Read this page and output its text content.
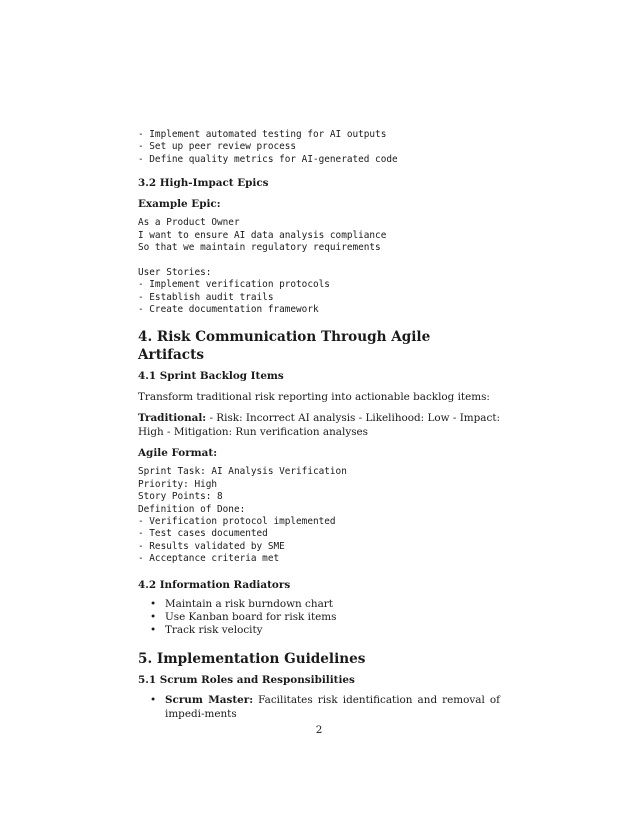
- Implement automated testing for AI outputs

- Set up peer review process

- Define quality metrics for AI-generated code

3.2 High-Impact Epics

Example Epic:

As a Product Owner

I want to ensure AI data analysis compliance

So that we maintain regulatory requirements

User Stories:

- Implement verification protocols

- Establish audit trails

- Create documentation framework

4. Risk Communication Through Agile Artifacts

4.1 Sprint Backlog Items

Transform traditional risk reporting into actionable backlog items:

Traditional: - Risk: Incorrect AI analysis - Likelihood: Low - Impact: High - Mitigation: Run verification analyses

Agile Format:

Sprint Task: AI Analysis Verification

Priority: High

Story Points: 8

Definition of Done:

- Verification protocol implemented

- Test cases documented

- Results validated by SME

- Acceptance criteria met

4.2 Information Radiators

• Maintain a risk burndown chart
• Use Kanban board for risk items
• Track risk velocity

5. Implementation Guidelines

5.1 Scrum Roles and Responsibilities

• Scrum Master: Facilitates risk identification and removal of impedi-ments
2
